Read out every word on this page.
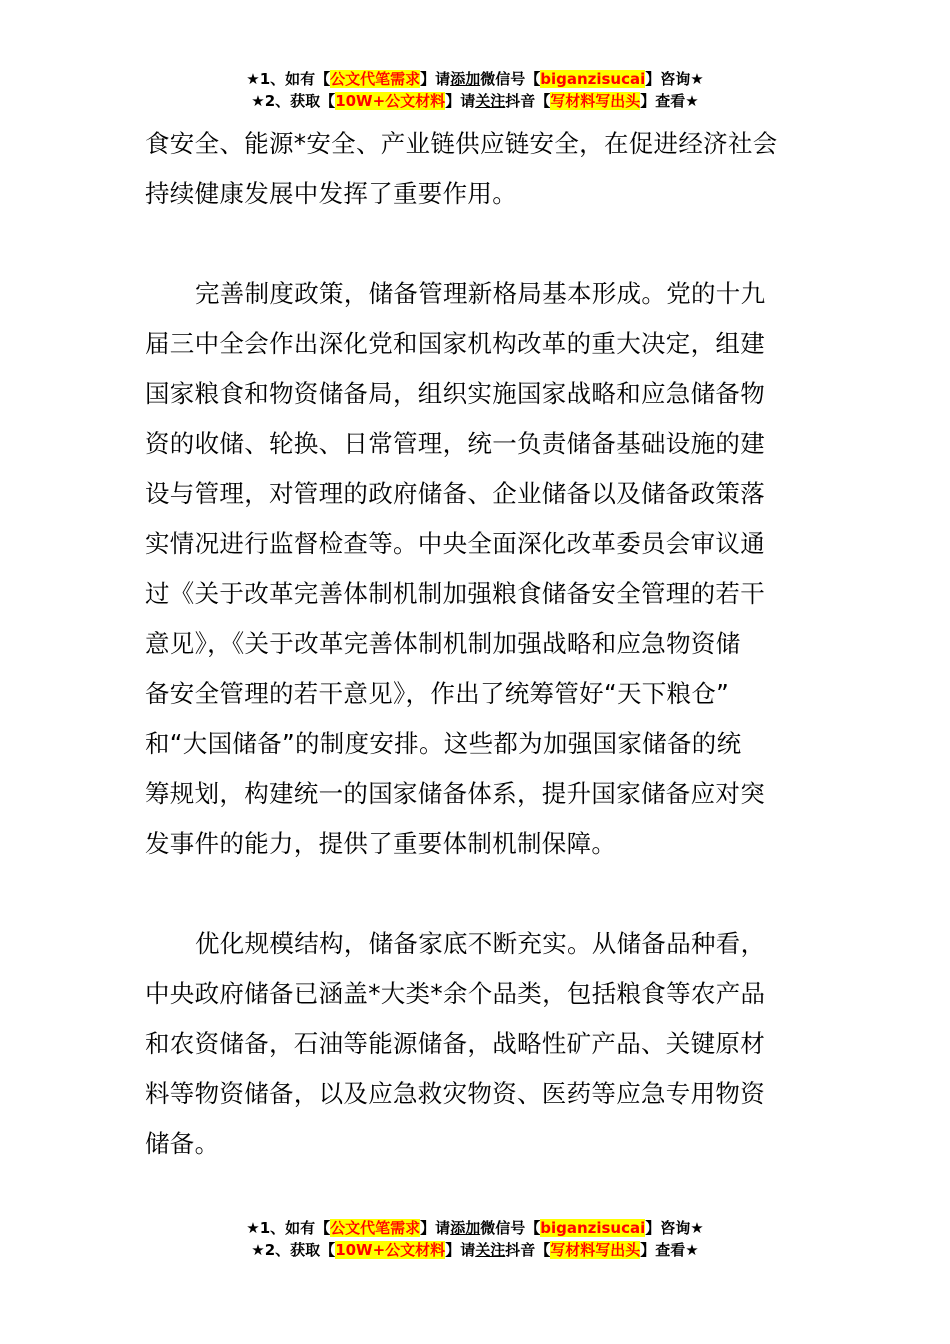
★1、如有【公文代笔需求】请添加微信号【biganzisucai】咨询★
★2、获取【10W+公文材料】请关注抖音【写材料写出头】查看★
食安全、能源*安全、产业链供应链安全，在促进经济社会
持续健康发展中发挥了重要作用。
完善制度政策，储备管理新格局基本形成。党的十九
届三中全会作出深化党和国家机构改革的重大决定，组建
国家粮食和物资储备局，组织实施国家战略和应急储备物
资的收储、轮换、日常管理，统一负责储备基础设施的建
设与管理，对管理的政府储备、企业储备以及储备政策落
实情况进行监督检查等。中央全面深化改革委员会审议通
过《关于改革完善体制机制加强粮食储备安全管理的若干
意见》，《关于改革完善体制机制加强战略和应急物资储
备安全管理的若干意见》，作出了统筹管好“天下粮仓”
和“大国储备”的制度安排。这些都为加强国家储备的统
筹规划，构建统一的国家储备体系，提升国家储备应对突
发事件的能力，提供了重要体制机制保障。
优化规模结构，储备家底不断充实。从储备品种看，
中央政府储备已涵盖*大类*余个品类，包括粮食等农产品
和农资储备，石油等能源储备，战略性矿产品、关键原材
料等物资储备，以及应急救灾物资、医药等应急专用物资
储备。
★1、如有【公文代笔需求】请添加微信号【biganzisucai】咨询★
★2、获取【10W+公文材料】请关注抖音【写材料写出头】查看★
